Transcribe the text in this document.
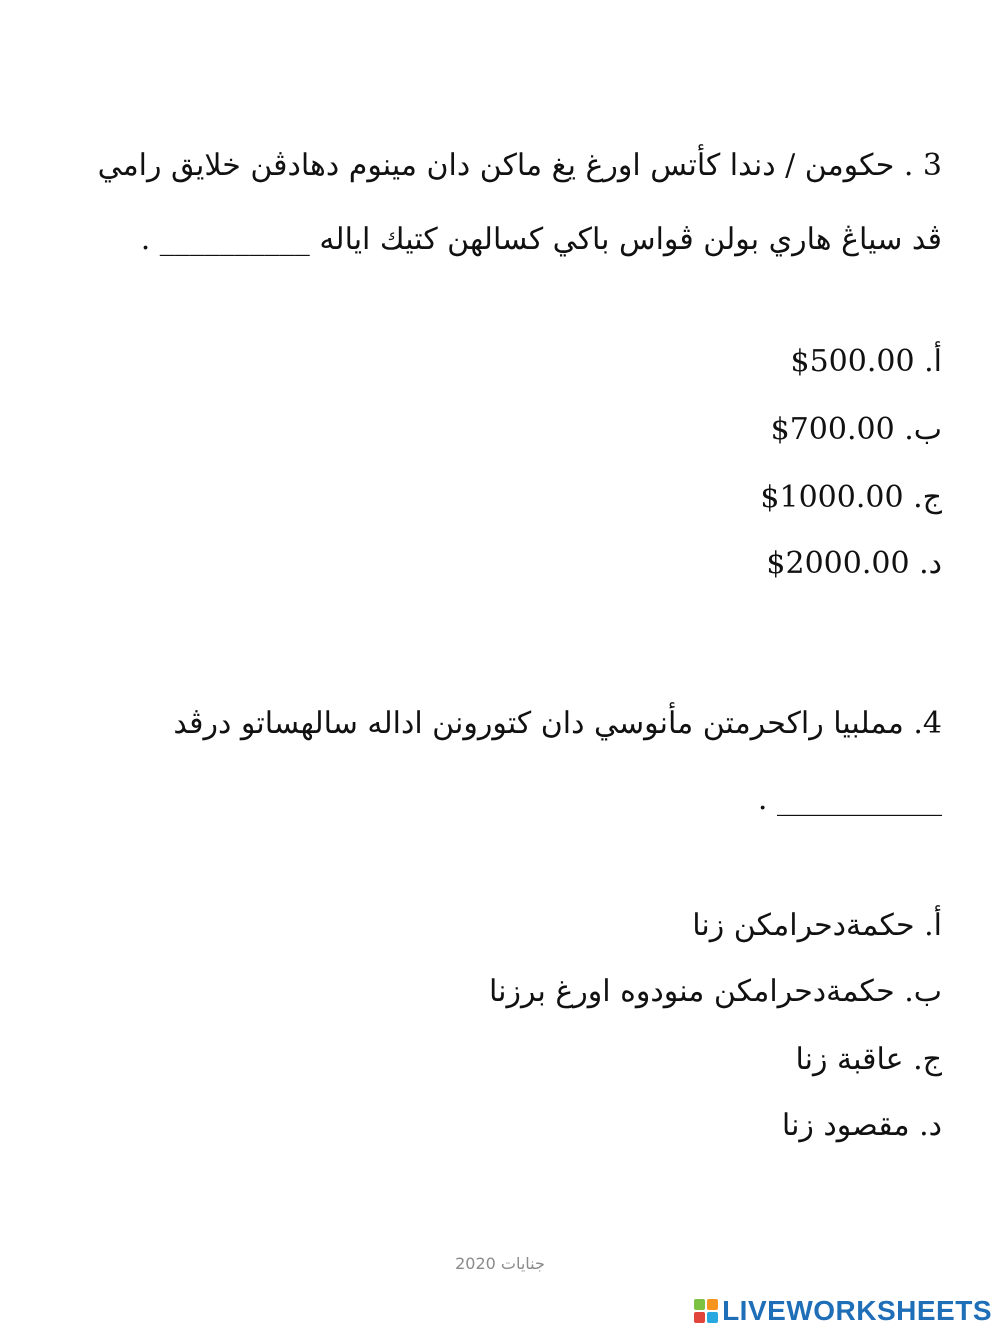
3 . حكومن / دندا كأتس اورغ يغ ماكن دان مينوم دهادڤن خلايق رامي
ڤد سياڠ هاري بولن ڤواس باكي كسالهن كتيك اياله __________ .
أ. 500.00$
ب. 700.00$
ج. 1000.00$
د. 2000.00$
4. مملبيا راكحرمتن مأنوسي دان كتورونن اداله سالهساتو درڤد
___________ .
أ. حكمةدحرامكن زنا
ب. حكمةدحرامكن منودوه اورغ برزنا
ج. عاقبة زنا
د. مقصود زنا
جنايات 2020
LIVEWORKSHEETS
